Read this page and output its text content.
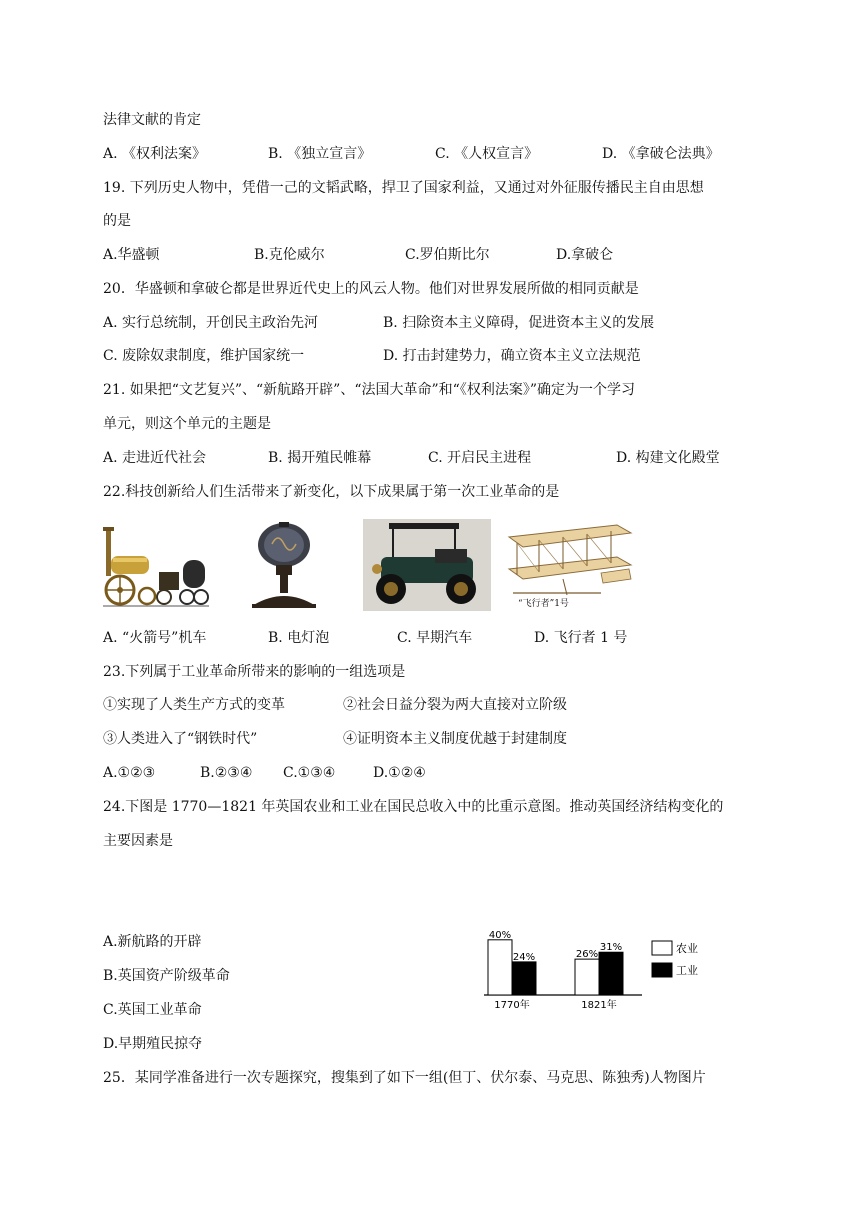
法律文献的肯定
A. 《权利法案》	B. 《独立宣言》	C. 《人权宣言》	D. 《拿破仑法典》
19. 下列历史人物中，凭借一己的文韬武略，捍卫了国家利益，又通过对外征服传播民主自由思想
的是
A.华盛顿	B.克伦威尔	C.罗伯斯比尔	D.拿破仑
20．华盛顿和拿破仑都是世界近代史上的风云人物。他们对世界发展所做的相同贡献是
A. 实行总统制，开创民主政治先河	B. 扫除资本主义障碍，促进资本主义的发展
C. 废除奴隶制度，维护国家统一	D. 打击封建势力，确立资本主义立法规范
21. 如果把“文艺复兴”、“新航路开辟”、“法国大革命”和“《权利法案》”确定为一个学习
单元，则这个单元的主题是
A. 走进近代社会	B. 揭开殖民帷幕	C. 开启民主进程	D. 构建文化殿堂
22.科技创新给人们生活带来了新变化，以下成果属于第一次工业革命的是
“飞行者”1号
A. “火箭号”机车	B. 电灯泡	C. 早期汽车	D. 飞行者 1 号
23.下列属于工业革命所带来的影响的一组选项是
①实现了人类生产方式的变革	②社会日益分裂为两大直接对立阶级
③人类进入了“钢铁时代”	④证明资本主义制度优越于封建制度
A.①②③	B.②③④ C.①③④	D.①②④
24.下图是 1770—1821 年英国农业和工业在国民总收入中的比重示意图。推动英国经济结构变化的
主要因素是
A.新航路的开辟
B.英国资产阶级革命
C.英国工业革命
D.早期殖民掠夺
40%
24%
1770年
26%
31%
1821年
农业
工业
25．某同学准备进行一次专题探究，搜集到了如下一组(但丁、伏尔泰、马克思、陈独秀)人物图片
